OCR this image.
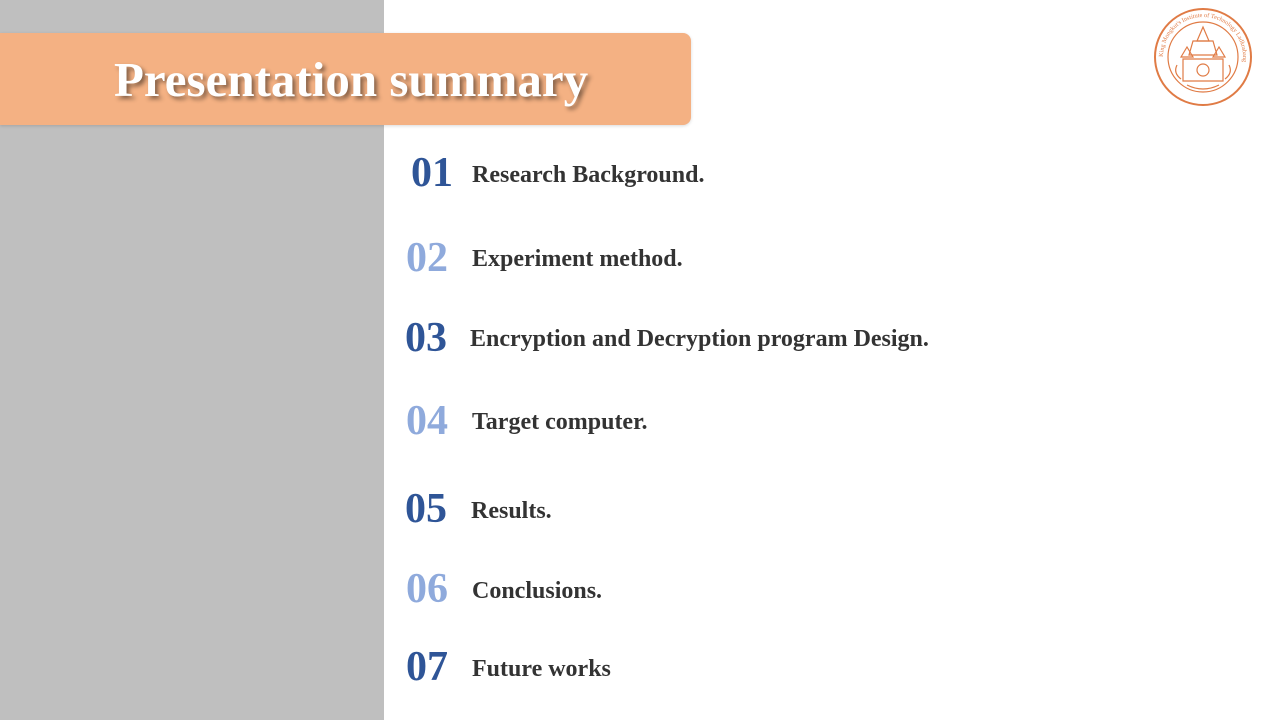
Presentation summary	King Mongkut's Institute of Technology Ladkrabang
01 Research Background.
02 Experiment method.
03 Encryption and Decryption program Design.
04 Target computer.
05 Results.
06 Conclusions.
07 Future works
